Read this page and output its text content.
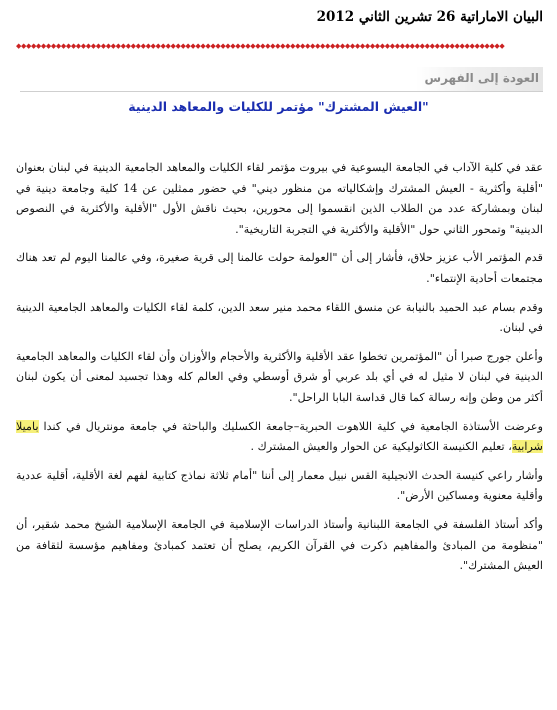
البيان الاماراتية 26 تشرين الثاني 2012
◆◆◆◆◆◆◆◆◆◆◆◆◆◆◆◆◆◆◆◆◆◆◆◆◆◆◆◆◆◆◆◆◆◆◆◆◆◆◆◆◆◆◆◆◆◆◆◆◆◆◆◆◆◆◆◆◆◆◆◆◆◆◆◆◆◆◆◆◆◆◆◆◆◆◆◆◆◆◆◆◆◆◆◆◆◆◆◆◆◆◆◆◆◆◆◆◆◆
العودة إلى الفهرس
"العيش المشترك" مؤتمر للكليات والمعاهد الدينية

عقد في كلية الآداب في الجامعة اليسوعية في بيروت مؤتمر لقاء الكليات والمعاهد الجامعية الدينية في لبنان بعنوان "أقلية وأكثرية - العيش المشترك وإشكالياته من منظور ديني" في حضور ممثلين عن 14 كلية وجامعة دينية في لبنان وبمشاركة عدد من الطلاب الذين انقسموا إلى محورين، بحيث ناقش الأول "الأقلية والأكثرية في النصوص الدينية" وتمحور الثاني حول "الأقلية والأكثرية في التجربة التاريخية".

قدم المؤتمر الأب عزيز حلاق، فأشار إلى أن "العولمة حولت عالمنا إلى قرية صغيرة، وفي عالمنا اليوم لم تعد هناك مجتمعات أحادية الإنتماء".

وقدم بسام عبد الحميد بالنيابة عن منسق اللقاء محمد منير سعد الدين، كلمة لقاء الكليات والمعاهد الجامعية الدينية في لبنان.

وأعلن جورج صبرا أن "المؤتمرين تخطوا عقد الأقلية والأكثرية والأحجام والأوزان وأن لقاء الكليات والمعاهد الجامعية الدينية في لبنان لا مثيل له في أي بلد عربي أو شرق أوسطي وفي العالم كله وهذا تجسيد لمعنى أن يكون لبنان أكثر من وطن وإنه رسالة كما قال قداسة البابا الراحل".

وعرضت الأستاذة الجامعية في كلية اللاهوت الحبرية–جامعة الكسليك والباحثة في جامعة مونتريال في كندا باميلا شرابية، تعليم الكنيسة الكاثوليكية عن الحوار والعيش المشترك .

وأشار راعي كنيسة الحدث الانجيلية القس نبيل معمار إلى أننا "أمام ثلاثة نماذج كتابية لفهم لغة الأقلية، أقلية عددية وأقلية معنوية ومساكين الأرض".

وأكد أستاذ الفلسفة في الجامعة اللبنانية وأستاذ الدراسات الإسلامية في الجامعة الإسلامية الشيخ محمد شقير، أن "منظومة من المبادئ والمفاهيم ذكرت في القرآن الكريم، يصلح أن تعتمد كمبادئ ومفاهيم مؤسسة لثقافة من العيش المشترك".
